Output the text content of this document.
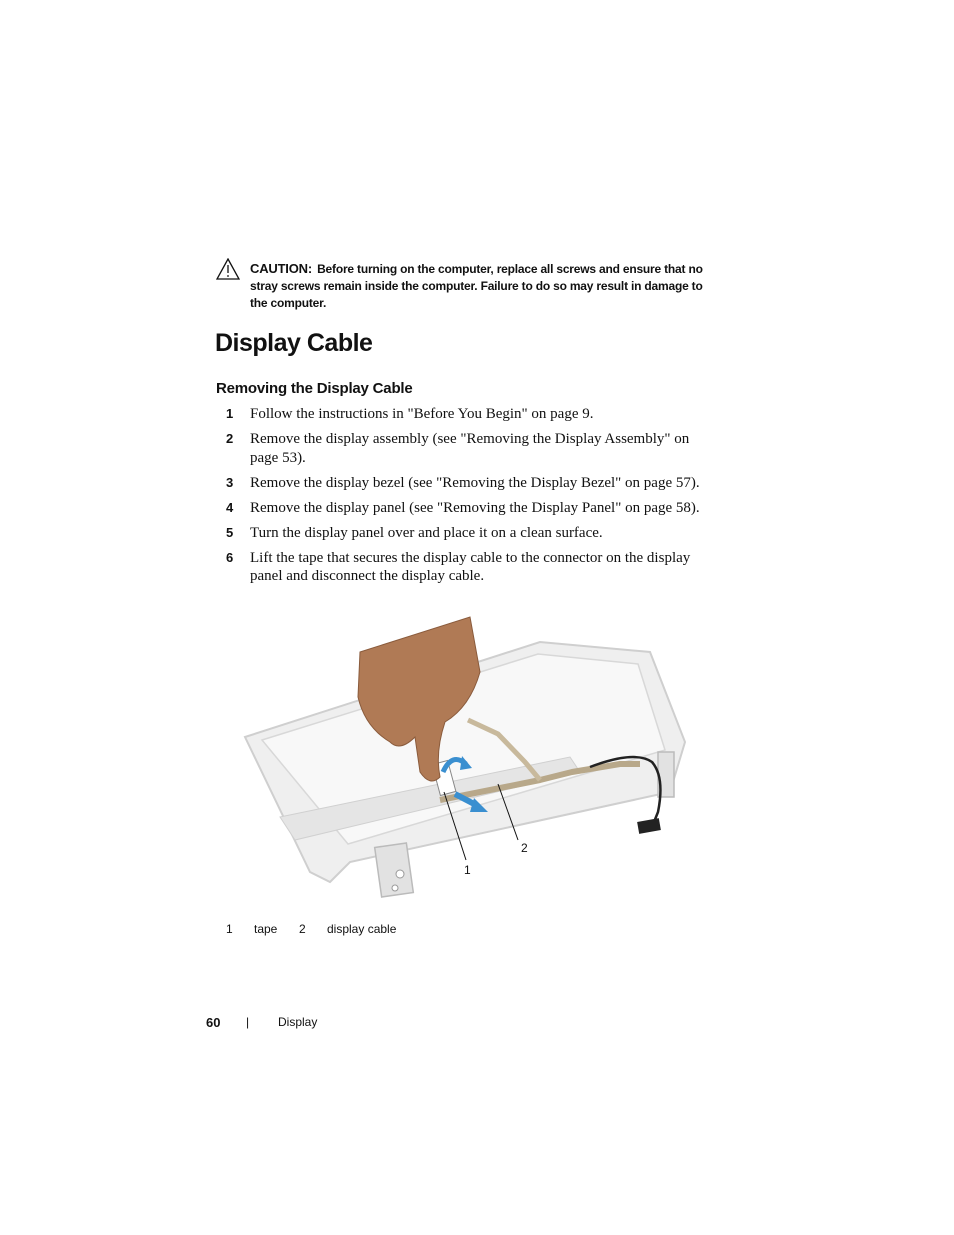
CAUTION: Before turning on the computer, replace all screws and ensure that no stray screws remain inside the computer. Failure to do so may result in damage to the computer.
Display Cable
Removing the Display Cable
1 Follow the instructions in "Before You Begin" on page 9.
2 Remove the display assembly (see "Removing the Display Assembly" on page 53).
3 Remove the display bezel (see "Removing the Display Bezel" on page 57).
4 Remove the display panel (see "Removing the Display Panel" on page 58).
5 Turn the display panel over and place it on a clean surface.
6 Lift the tape that secures the display cable to the connector on the display panel and disconnect the display cable.
1
2
1 tape 2 display cable
60 | Display
